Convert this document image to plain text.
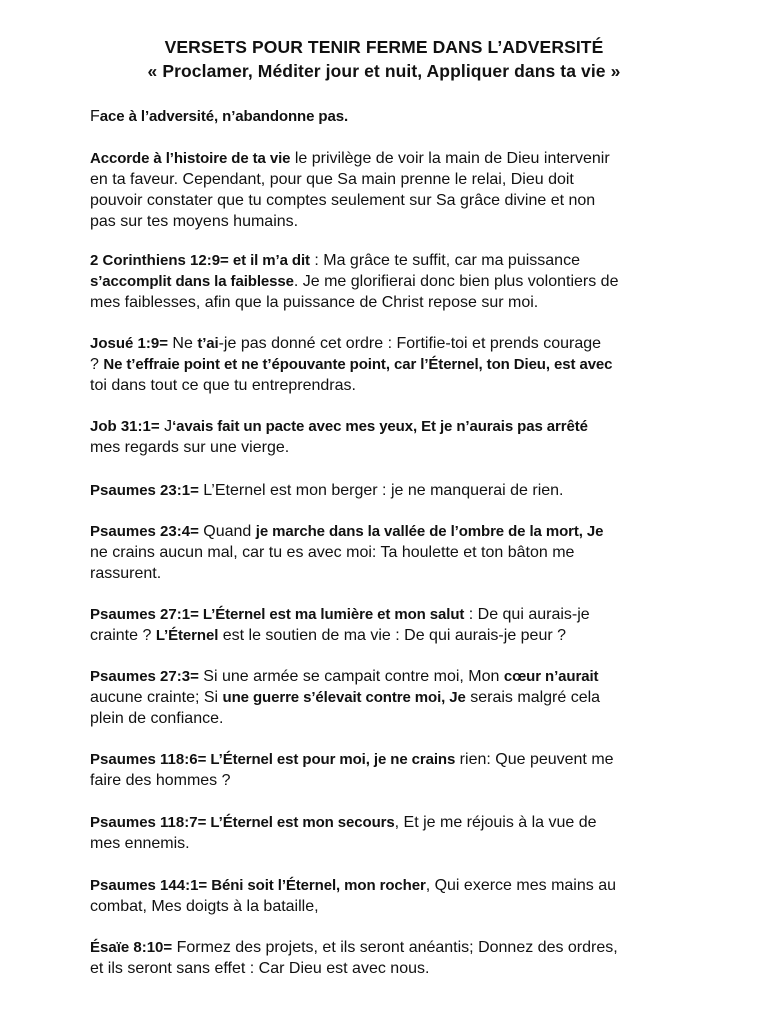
VERSETS POUR TENIR FERME DANS L’ADVERSITÉ
« Proclamer, Méditer jour et nuit, Appliquer dans ta vie »
Face à l’adversité, n’abandonne pas.
Accorde à l’histoire de ta vie le privilège de voir la main de Dieu intervenir
en ta faveur. Cependant, pour que Sa main prenne le relai, Dieu doit
pouvoir constater que tu comptes seulement sur Sa grâce divine et non
pas sur tes moyens humains.
2 Corinthiens 12:9= et il m’a dit : Ma grâce te suffit, car ma puissance
s’accomplit dans la faiblesse. Je me glorifierai donc bien plus volontiers de
mes faiblesses, afin que la puissance de Christ repose sur moi.
Josué 1:9= Ne t’ai-je pas donné cet ordre : Fortifie-toi et prends courage
? Ne t’effraie point et ne t’épouvante point, car l’Éternel, ton Dieu, est avec
toi dans tout ce que tu entreprendras.
Job 31:1= J‘avais fait un pacte avec mes yeux, Et je n’aurais pas arrêté
mes regards sur une vierge.
Psaumes 23:1= L’Eternel est mon berger : je ne manquerai de rien.
Psaumes 23:4= Quand je marche dans la vallée de l’ombre de la mort, Je
ne crains aucun mal, car tu es avec moi: Ta houlette et ton bâton me
rassurent.
Psaumes 27:1= L’Éternel est ma lumière et mon salut : De qui aurais-je
crainte ? L’Éternel est le soutien de ma vie : De qui aurais-je peur ?
Psaumes 27:3= Si une armée se campait contre moi, Mon cœur n’aurait
aucune crainte; Si une guerre s’élevait contre moi, Je serais malgré cela
plein de confiance.
Psaumes 118:6= L’Éternel est pour moi, je ne crains rien: Que peuvent me
faire des hommes ?
Psaumes 118:7= L’Éternel est mon secours, Et je me réjouis à la vue de
mes ennemis.
Psaumes 144:1= Béni soit l’Éternel, mon rocher, Qui exerce mes mains au
combat, Mes doigts à la bataille,
Ésaïe 8:10= Formez des projets, et ils seront anéantis; Donnez des ordres,
et ils seront sans effet : Car Dieu est avec nous.
